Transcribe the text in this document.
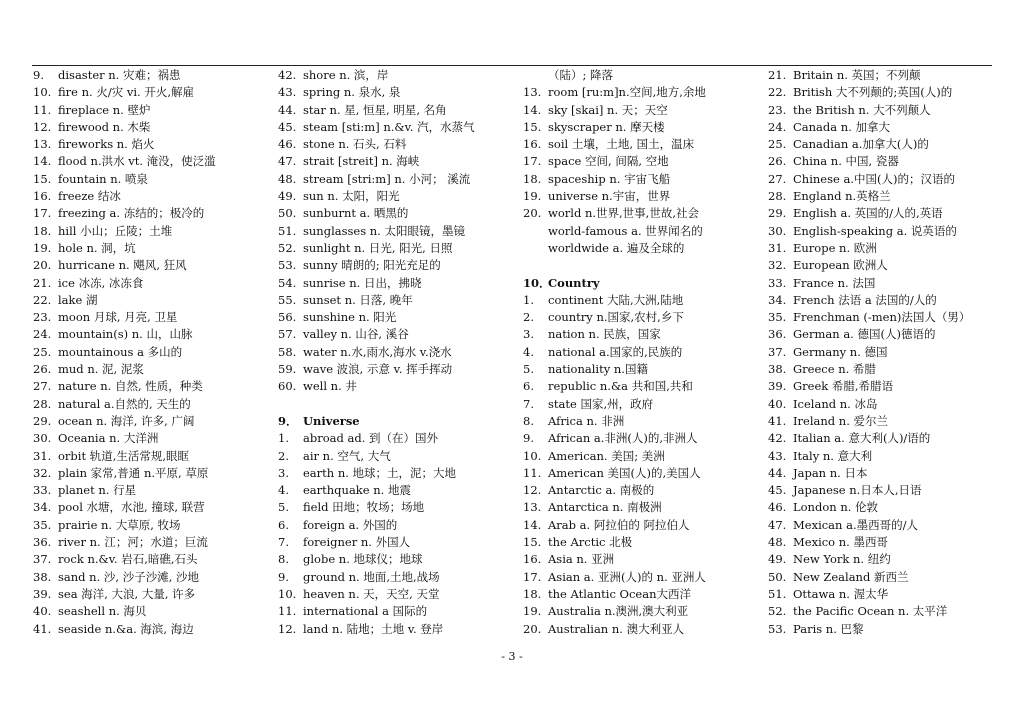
9. disaster n. 灾难；祸患
10. fire n. 火/灾 vi. 开火,解雇
11. fireplace n. 壁炉
12. firewood n. 木柴
13. fireworks n. 焰火
14. flood n.洪水 vt. 淹没，使泛滥
15. fountain n. 喷泉
16. freeze 结冰
17. freezing a. 冻结的；极冷的
18. hill 小山；丘陵；土堆
19. hole n. 洞，坑
20. hurricane n. 飓风, 狂风
21. ice 冰冻, 冰冻食
22. lake 湖
23. moon 月球, 月亮, 卫星
24. mountain(s) n. 山，山脉
25. mountainous a 多山的
26. mud n. 泥, 泥浆
27. nature n. 自然, 性质，种类
28. natural a.自然的, 天生的
29. ocean n. 海洋, 许多, 广阔
30. Oceania n. 大洋洲
31. orbit 轨道,生活常规,眼眶
32. plain 家常,普通 n.平原, 草原
33. planet n. 行星
34. pool 水塘，水池, 撞球, 联营
35. prairie n. 大草原, 牧场
36. river n. 江；河；水道；巨流
37. rock n.&v. 岩石,暗礁,石头
38. sand n. 沙, 沙子沙滩, 沙地
39. sea 海洋, 大浪, 大量, 许多
40. seashell n. 海贝
41. seaside n.&a. 海滨, 海边
42. shore n. 滨，岸
43. spring n. 泉水, 泉
44. star n. 星, 恒星, 明星, 名角
45. steam [sti:m] n.&v. 汽，水蒸气
46. stone n. 石头, 石料
47. strait [streit] n. 海峡
48. stream [stri:m] n. 小河； 溪流
49. sun n. 太阳，阳光
50. sunburnt a. 晒黑的
51. sunglasses n. 太阳眼镜，墨镜
52. sunlight n. 日光, 阳光, 日照
53. sunny 晴朗的; 阳光充足的
54. sunrise n. 日出，拂晓
55. sunset n. 日落, 晚年
56. sunshine n. 阳光
57. valley n. 山谷, 溪谷
58. water n.水,雨水,海水 v.浇水
59. wave 波浪, 示意 v. 挥手挥动
60. well n. 井
9． Universe
1. abroad ad. 到（在）国外
2. air n. 空气, 大气
3. earth n. 地球；土，泥；大地
4. earthquake n. 地震
5. field 田地；牧场；场地
6. foreign a. 外国的
7. foreigner n. 外国人
8. globe n. 地球仪；地球
9. ground n. 地面,土地,战场
10. heaven n. 天，天空, 天堂
11. international a 国际的
12. land n. 陆地；土地 v. 登岸
（陆）; 降落
13. room [ru:m]n.空间,地方,余地
14. sky [skai] n. 天；天空
15. skyscraper n. 摩天楼
16. soil 土壤，土地, 国土，温床
17. space 空间, 间隔, 空地
18. spaceship n. 宇宙飞船
19. universe n.宇宙，世界
20. world n.世界,世事,世故,社会
world-famous a. 世界闻名的
worldwide a. 遍及全球的
10．Country
1. continent 大陆,大洲,陆地
2. country n.国家,农村,乡下
3. nation n. 民族，国家
4. national a.国家的,民族的
5. nationality n.国籍
6. republic n.&a 共和国,共和
7. state 国家,州，政府
8. Africa n. 非洲
9. African a.非洲(人)的,非洲人
10. American. 美国; 美洲
11. American 美国(人)的,美国人
12. Antarctic a. 南极的
13. Antarctica n. 南极洲
14. Arab a. 阿拉伯的 阿拉伯人
15. the Arctic 北极
16. Asia n. 亚洲
17. Asian a. 亚洲(人)的 n. 亚洲人
18. the Atlantic Ocean大西洋
19. Australia n.澳洲,澳大利亚
20. Australian n. 澳大利亚人
21. Britain n. 英国；不列颠
22. British 大不列颠的;英国(人)的
23. the British n. 大不列颠人
24. Canada n. 加拿大
25. Canadian a.加拿大(人)的
26. China n. 中国, 瓷器
27. Chinese a.中国(人)的；汉语的
28. England n.英格兰
29. English a. 英国的/人的,英语
30. English-speaking a. 说英语的
31. Europe n. 欧洲
32. European 欧洲人
33. France n. 法国
34. French 法语 a 法国的/人的
35. Frenchman (-men)法国人（男）
36. German a. 德国(人)德语的
37. Germany n. 德国
38. Greece n. 希腊
39. Greek 希腊,希腊语
40. Iceland n. 冰岛
41. Ireland n. 爱尔兰
42. Italian a. 意大利(人)/语的
43. Italy n. 意大利
44. Japan n. 日本
45. Japanese n.日本人,日语
46. London n. 伦敦
47. Mexican a.墨西哥的/人
48. Mexico n. 墨西哥
49. New York n. 纽约
50. New Zealand 新西兰
51. Ottawa n. 渥太华
52. the Pacific Ocean n. 太平洋
53. Paris n. 巴黎
- 3 -
